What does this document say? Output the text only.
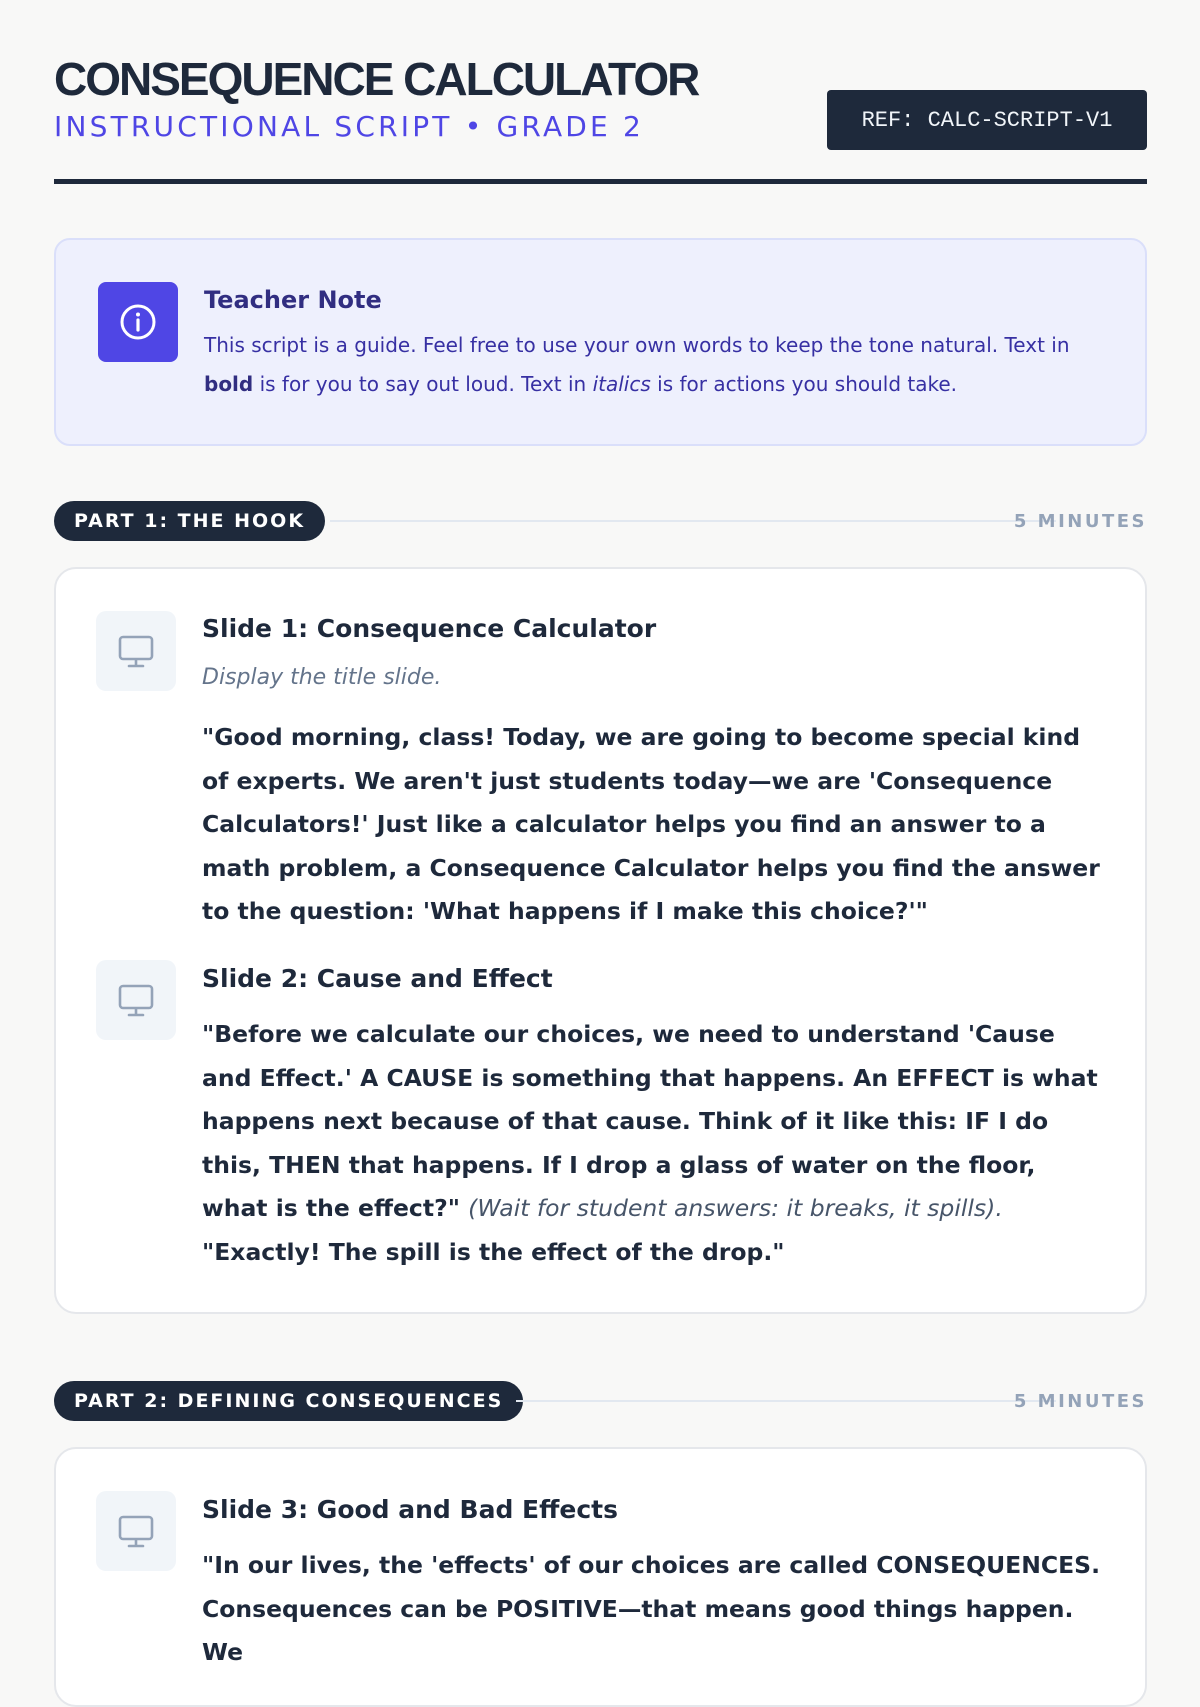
CONSEQUENCE CALCULATOR
INSTRUCTIONAL SCRIPT • GRADE 2	REF: CALC-SCRIPT-V1
Teacher Note
This script is a guide. Feel free to use your own words to keep the tone natural. Text in bold is for you to say out loud. Text in italics is for actions you should take.
PART 1: THE HOOK	5 MINUTES
Slide 1: Consequence Calculator
Display the title slide.

"Good morning, class! Today, we are going to become special kind of experts. We aren't just students today—we are 'Consequence Calculators!' Just like a calculator helps you find an answer to a math problem, a Consequence Calculator helps you find the answer to the question: 'What happens if I make this choice?'"

Slide 2: Cause and Effect

"Before we calculate our choices, we need to understand 'Cause and Effect.' A CAUSE is something that happens. An EFFECT is what happens next because of that cause. Think of it like this: IF I do this, THEN that happens. If I drop a glass of water on the floor, what is the effect?" (Wait for student answers: it breaks, it spills). "Exactly! The spill is the effect of the drop."

PART 2: DEFINING CONSEQUENCES	5 MINUTES
Slide 3: Good and Bad Effects

"In our lives, the 'effects' of our choices are called CONSEQUENCES. Consequences can be POSITIVE—that means good things happen. We
